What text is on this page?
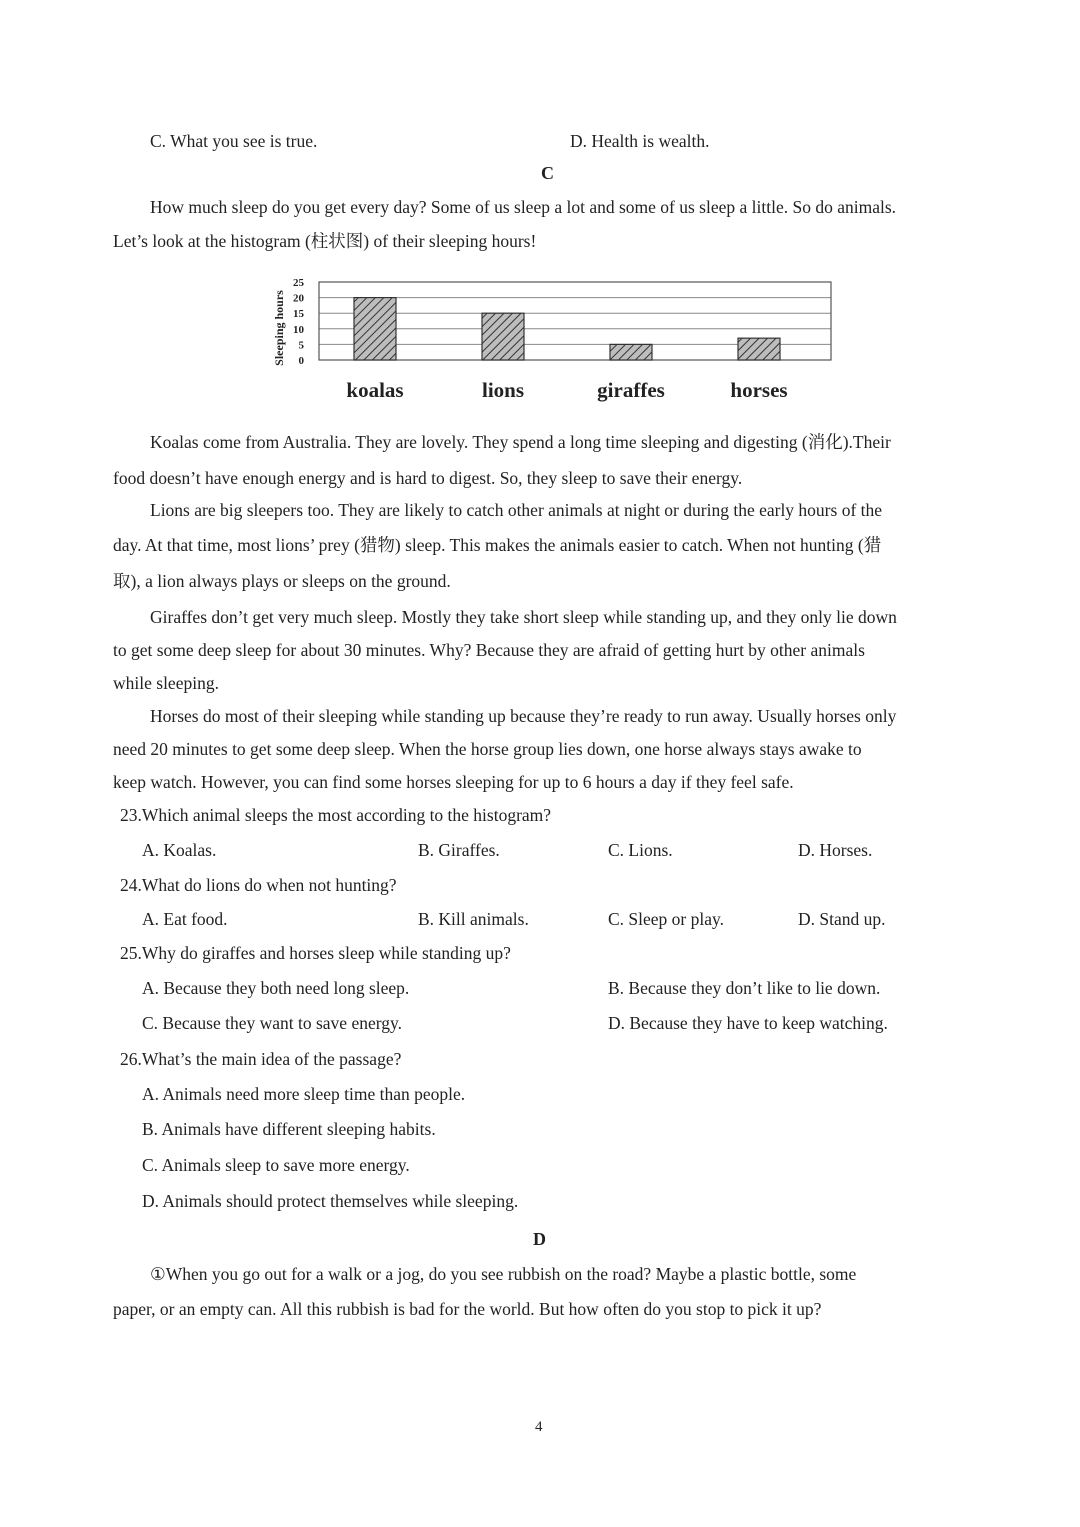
C. What you see is true.	D. Health is wealth.
C
How much sleep do you get every day? Some of us sleep a lot and some of us sleep a little. So do animals.
Let’s look at the histogram (柱状图) of their sleeping hours!
Sleeping hours
25
20
15
10
5
0
koalas	lions	giraffes	horses
Koalas come from Australia. They are lovely. They spend a long time sleeping and digesting (消化).Their
food doesn’t have enough energy and is hard to digest. So, they sleep to save their energy.
Lions are big sleepers too. They are likely to catch other animals at night or during the early hours of the
day. At that time, most lions’ prey (猎物) sleep. This makes the animals easier to catch. When not hunting (猎
取), a lion always plays or sleeps on the ground.
Giraffes don’t get very much sleep. Mostly they take short sleep while standing up, and they only lie down
to get some deep sleep for about 30 minutes. Why? Because they are afraid of getting hurt by other animals
while sleeping.
Horses do most of their sleeping while standing up because they’re ready to run away. Usually horses only
need 20 minutes to get some deep sleep. When the horse group lies down, one horse always stays awake to
keep watch. However, you can find some horses sleeping for up to 6 hours a day if they feel safe.
23.Which animal sleeps the most according to the histogram?
A. Koalas.	B. Giraffes.	C. Lions.	D. Horses.
24.What do lions do when not hunting?
A. Eat food.	B. Kill animals.	C. Sleep or play.	D. Stand up.
25.Why do giraffes and horses sleep while standing up?
A. Because they both need long sleep.	B. Because they don’t like to lie down.
C. Because they want to save energy.	D. Because they have to keep watching.
26.What’s the main idea of the passage?
A. Animals need more sleep time than people.
B. Animals have different sleeping habits.
C. Animals sleep to save more energy.
D. Animals should protect themselves while sleeping.
D
①When you go out for a walk or a jog, do you see rubbish on the road? Maybe a plastic bottle, some
paper, or an empty can. All this rubbish is bad for the world. But how often do you stop to pick it up?
4
